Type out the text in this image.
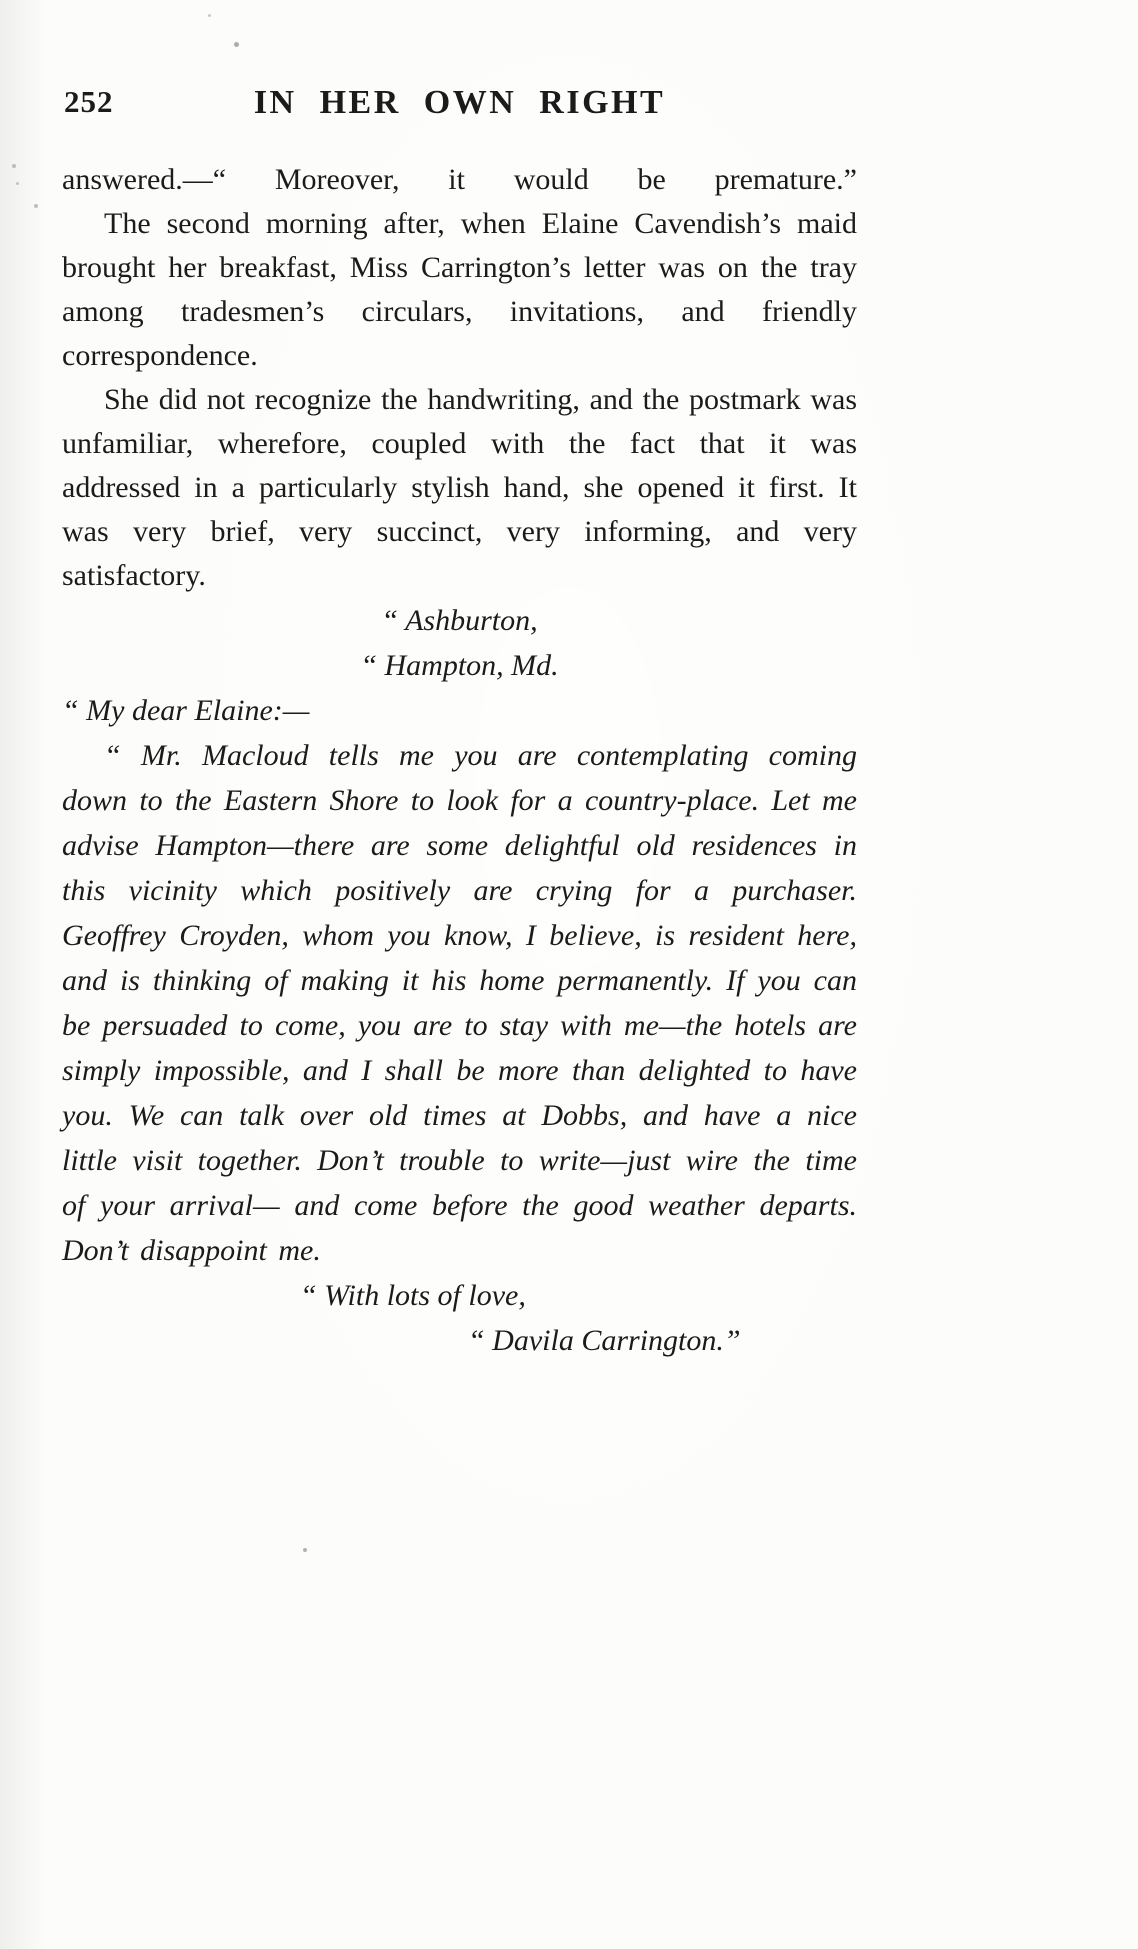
252	IN HER OWN RIGHT

answered.—“ Moreover, it would be premature.”

The second morning after, when Elaine Cavendish’s maid brought her breakfast, Miss Carrington’s letter was on the tray among tradesmen’s circulars, invitations, and friendly correspondence.

She did not recognize the handwriting, and the postmark was unfamiliar, wherefore, coupled with the fact that it was addressed in a particularly stylish hand, she opened it first. It was very brief, very succinct, very informing, and very satisfactory.

“ Ashburton,

“ Hampton, Md.

“ My dear Elaine:—

“ Mr. Macloud tells me you are contemplating coming down to the Eastern Shore to look for a country-place. Let me advise Hampton—there are some delightful old residences in this vicinity which positively are crying for a purchaser. Geoffrey Croyden, whom you know, I believe, is resident here, and is thinking of making it his home permanently. If you can be persuaded to come, you are to stay with me—the hotels are simply impossible, and I shall be more than delighted to have you. We can talk over old times at Dobbs, and have a nice little visit together. Don’t trouble to write—just wire the time of your arrival— and come before the good weather departs. Don’t disappoint me.

“ With lots of love,

“ Davila Carrington.”
